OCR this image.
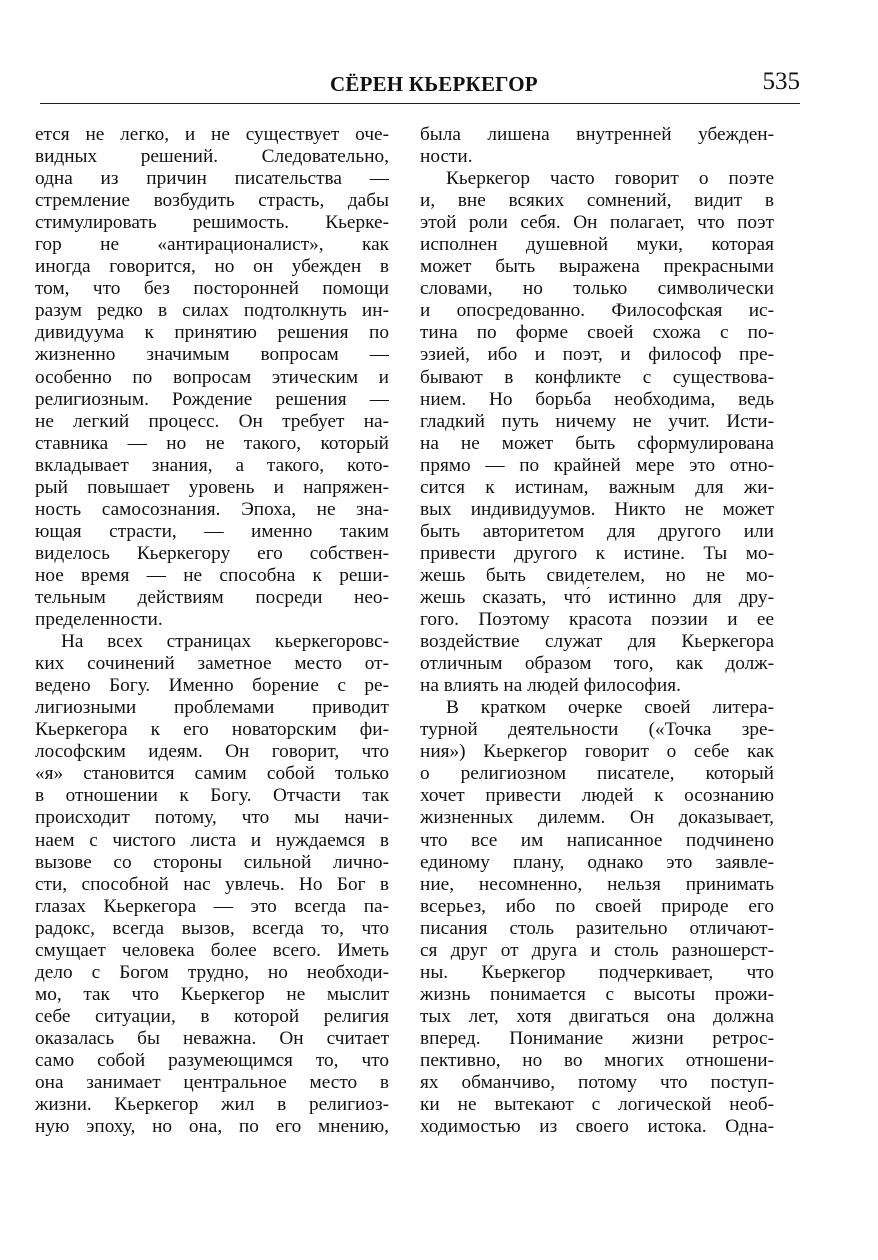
СЁРЕН КЬЕРКЕГОР	535
ется не легко, и не существует оче-
видных решений. Следовательно,
одна из причин писательства —
стремление возбудить страсть, дабы
стимулировать решимость. Кьерке-
гор не «антирационалист», как
иногда говорится, но он убежден в
том, что без посторонней помощи
разум редко в силах подтолкнуть ин-
дивидуума к принятию решения по
жизненно значимым вопросам —
особенно по вопросам этическим и
религиозным. Рождение решения —
не легкий процесс. Он требует на-
ставника — но не такого, который
вкладывает знания, а такого, кото-
рый повышает уровень и напряжен-
ность самосознания. Эпоха, не зна-
ющая страсти, — именно таким
виделось Кьеркегору его собствен-
ное время — не способна к реши-
тельным действиям посреди нео-
пределенности.
На всех страницах кьеркегоровс-
ких сочинений заметное место от-
ведено Богу. Именно борение с ре-
лигиозными проблемами приводит
Кьеркегора к его новаторским фи-
лософским идеям. Он говорит, что
«я» становится самим собой только
в отношении к Богу. Отчасти так
происходит потому, что мы начи-
наем с чистого листа и нуждаемся в
вызове со стороны сильной лично-
сти, способной нас увлечь. Но Бог в
глазах Кьеркегора — это всегда па-
радокс, всегда вызов, всегда то, что
смущает человека более всего. Иметь
дело с Богом трудно, но необходи-
мо, так что Кьеркегор не мыслит
себе ситуации, в которой религия
оказалась бы неважна. Он считает
само собой разумеющимся то, что
она занимает центральное место в
жизни. Кьеркегор жил в религиоз-
ную эпоху, но она, по его мнению,
была лишена внутренней убежден-
ности.
Кьеркегор часто говорит о поэте
и, вне всяких сомнений, видит в
этой роли себя. Он полагает, что поэт
исполнен душевной муки, которая
может быть выражена прекрасными
словами, но только символически
и опосредованно. Философская ис-
тина по форме своей схожа с по-
эзией, ибо и поэт, и философ пре-
бывают в конфликте с существова-
нием. Но борьба необходима, ведь
гладкий путь ничему не учит. Исти-
на не может быть сформулирована
прямо — по крайней мере это отно-
сится к истинам, важным для жи-
вых индивидуумов. Никто не может
быть авторитетом для другого или
привести другого к истине. Ты мо-
жешь быть свидетелем, но не мо-
жешь сказать, что́ истинно для дру-
гого. Поэтому красота поэзии и ее
воздействие служат для Кьеркегора
отличным образом того, как долж-
на влиять на людей философия.
В кратком очерке своей литера-
турной деятельности («Точка зре-
ния») Кьеркегор говорит о себе как
о религиозном писателе, который
хочет привести людей к осознанию
жизненных дилемм. Он доказывает,
что все им написанное подчинено
единому плану, однако это заявле-
ние, несомненно, нельзя принимать
всерьез, ибо по своей природе его
писания столь разительно отличают-
ся друг от друга и столь разношерст-
ны. Кьеркегор подчеркивает, что
жизнь понимается с высоты прожи-
тых лет, хотя двигаться она должна
вперед. Понимание жизни ретрос-
пективно, но во многих отношени-
ях обманчиво, потому что поступ-
ки не вытекают с логической необ-
ходимостью из своего истока. Одна-
